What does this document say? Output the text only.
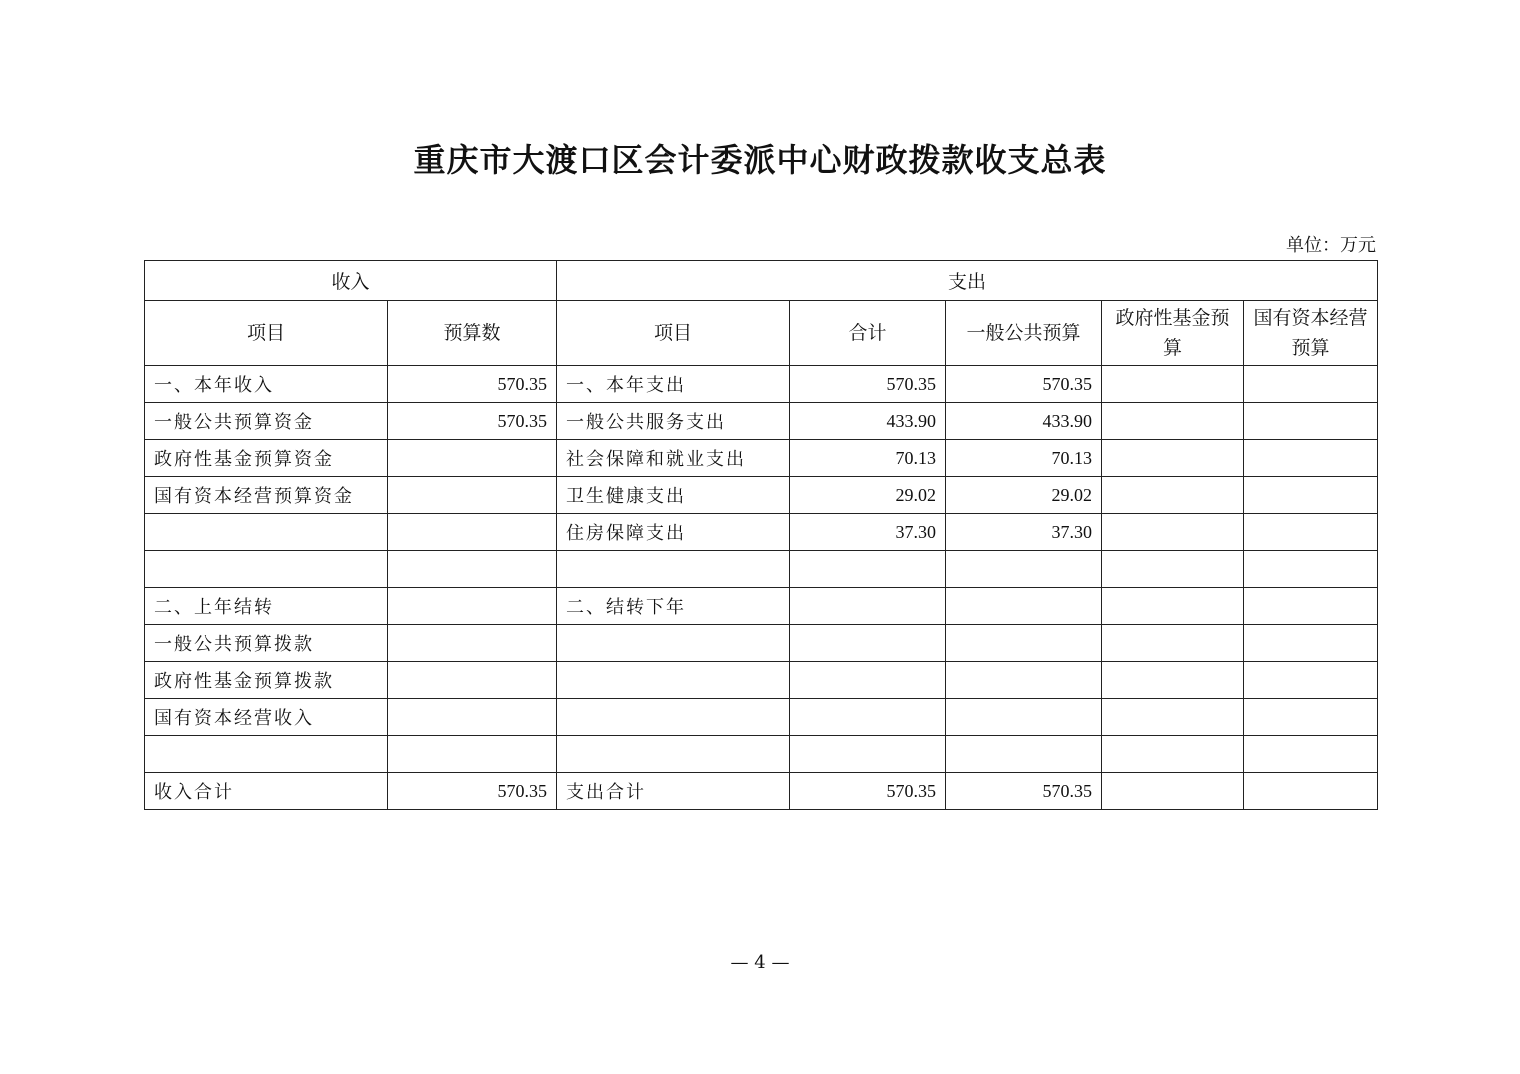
重庆市大渡口区会计委派中心财政拨款收支总表
单位：万元
收入		支出				
项目	预算数	项目	合计	一般公共预算	政府性基金预算	国有资本经营预算
一、本年收入	570.35	一、本年支出	570.35	570.35		
一般公共预算资金	570.35	一般公共服务支出	433.90	433.90		
政府性基金预算资金		社会保障和就业支出	70.13	70.13		
国有资本经营预算资金		卫生健康支出	29.02	29.02		
		住房保障支出	37.30	37.30		

二、上年结转		二、结转下年				
一般公共预算拨款						
政府性基金预算拨款						
国有资本经营收入						

收入合计	570.35	支出合计	570.35	570.35		
— 4 —
